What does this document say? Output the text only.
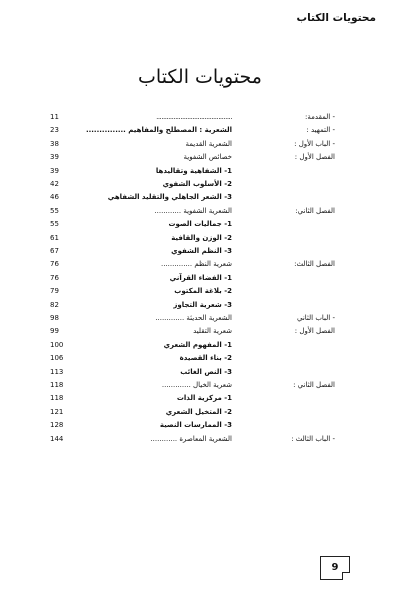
محتويات الكتاب
محتويات الكتاب
11	- المقدمة:
............................................
23	- التمهيد :
الشعرية : المصطلح والمفاهيم ...............
38	- الباب الأول :
الشعرية القديمة
39	الفصل الأول :
خصائص الشفوية
39	1- الشفاهية وتقاليدها
42	2- الأسلوب الشفوي
46	3- الشعر الجاهلي والتقليد الشفاهي
55	الفصل الثاني:
الشعرية الشفوية ............
55	1- جماليات الصوت
61	2- الوزن والقافية
67	3- النظم الشفوي
76	الفصل الثالث:
شعرية النظم ..............
76	1- الفضاء القرآني
79	2- بلاغة المكتوب
82	3- شعرية التجاوز
98	- الباب الثاني
الشعرية الحديثة .............
99	الفصل الأول :
شعرية التقليد
100	1- المفهوم الشعري
106	2- بناء القصيدة
113	3- النص الغائب
118	الفصل الثاني :
شعرية الخيال .............
118	1- مركزية الذات
121	2- المتخيل الشعري
128	3- الممارسات النصية
144	- الباب الثالث :
الشعرية المعاصرة ............
9
